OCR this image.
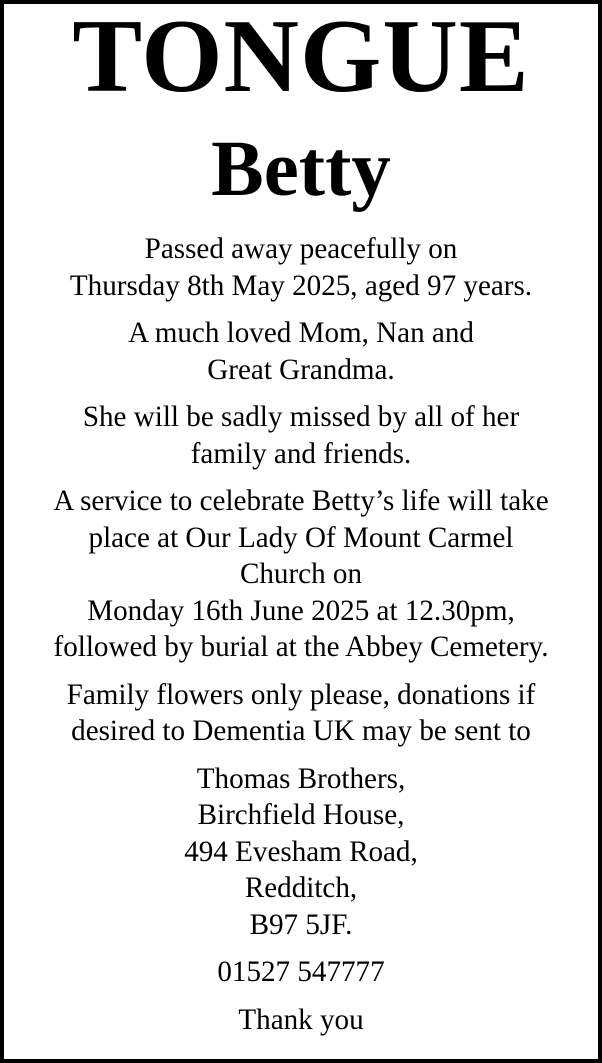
TONGUE
Betty

Passed away peacefully on
Thursday 8th May 2025, aged 97 years.

A much loved Mom, Nan and
Great Grandma.

She will be sadly missed by all of her
family and friends.

A service to celebrate Betty’s life will take
place at Our Lady Of Mount Carmel
Church on
Monday 16th June 2025 at 12.30pm,
followed by burial at the Abbey Cemetery.

Family flowers only please, donations if
desired to Dementia UK may be sent to

Thomas Brothers,
Birchfield House,
494 Evesham Road,
Redditch,
B97 5JF.

01527 547777

Thank you
